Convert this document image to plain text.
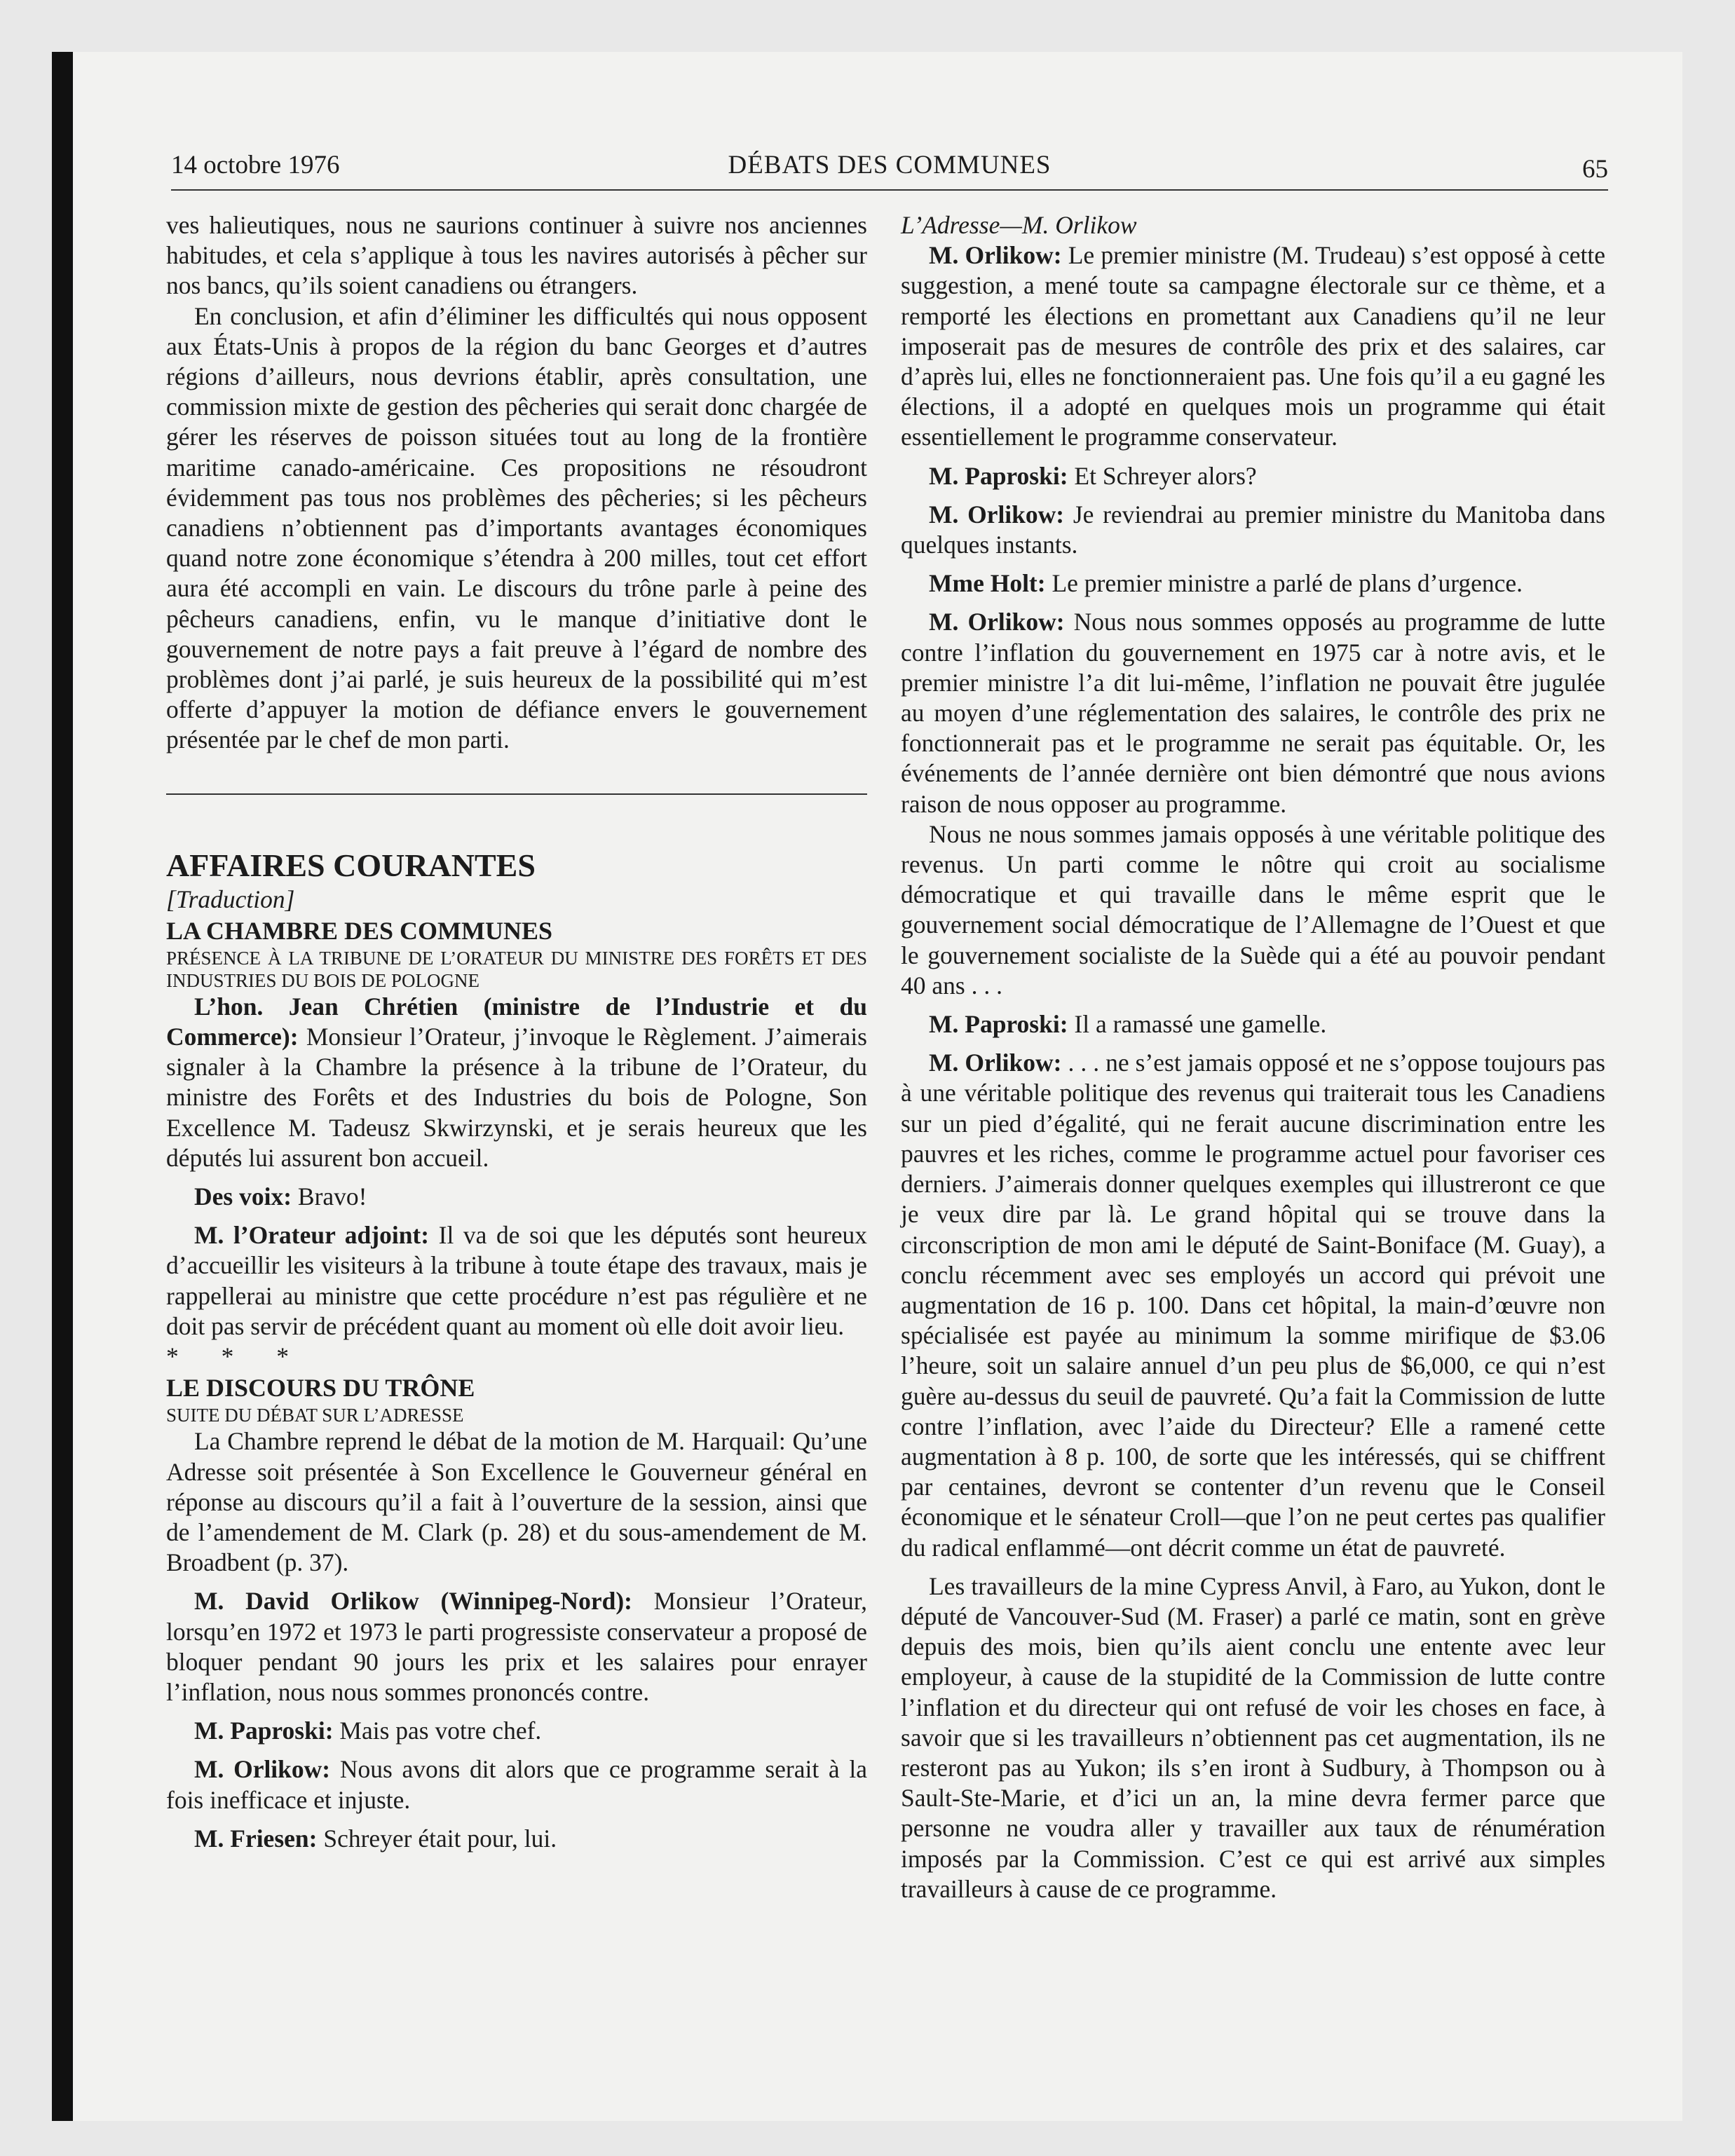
14 octobre 1976	DÉBATS DES COMMUNES	65

ves halieutiques, nous ne saurions continuer à suivre nos anciennes habitudes, et cela s’applique à tous les navires autorisés à pêcher sur nos bancs, qu’ils soient canadiens ou étrangers.

En conclusion, et afin d’éliminer les difficultés qui nous opposent aux États-Unis à propos de la région du banc Georges et d’autres régions d’ailleurs, nous devrions établir, après consultation, une commission mixte de gestion des pêcheries qui serait donc chargée de gérer les réserves de poisson situées tout au long de la frontière maritime canado-américaine. Ces propositions ne résoudront évidemment pas tous nos problèmes des pêcheries; si les pêcheurs canadiens n’obtiennent pas d’importants avantages économiques quand notre zone économique s’étendra à 200 milles, tout cet effort aura été accompli en vain. Le discours du trône parle à peine des pêcheurs canadiens, enfin, vu le manque d’initiative dont le gouvernement de notre pays a fait preuve à l’égard de nombre des problèmes dont j’ai parlé, je suis heureux de la possibilité qui m’est offerte d’appuyer la motion de défiance envers le gouvernement présentée par le chef de mon parti.

AFFAIRES COURANTES

[Traduction]

LA CHAMBRE DES COMMUNES

PRÉSENCE À LA TRIBUNE DE L’ORATEUR DU MINISTRE DES FORÊTS ET DES INDUSTRIES DU BOIS DE POLOGNE

L’hon. Jean Chrétien (ministre de l’Industrie et du Commerce): Monsieur l’Orateur, j’invoque le Règlement. J’aimerais signaler à la Chambre la présence à la tribune de l’Orateur, du ministre des Forêts et des Industries du bois de Pologne, Son Excellence M. Tadeusz Skwirzynski, et je serais heureux que les députés lui assurent bon accueil.

Des voix: Bravo!

M. l’Orateur adjoint: Il va de soi que les députés sont heureux d’accueillir les visiteurs à la tribune à toute étape des travaux, mais je rappellerai au ministre que cette procédure n’est pas régulière et ne doit pas servir de précédent quant au moment où elle doit avoir lieu.

* * *

LE DISCOURS DU TRÔNE

SUITE DU DÉBAT SUR L’ADRESSE

La Chambre reprend le débat de la motion de M. Harquail: Qu’une Adresse soit présentée à Son Excellence le Gouverneur général en réponse au discours qu’il a fait à l’ouverture de la session, ainsi que de l’amendement de M. Clark (p. 28) et du sous-amendement de M. Broadbent (p. 37).

M. David Orlikow (Winnipeg-Nord): Monsieur l’Orateur, lorsqu’en 1972 et 1973 le parti progressiste conservateur a proposé de bloquer pendant 90 jours les prix et les salaires pour enrayer l’inflation, nous nous sommes prononcés contre.

M. Paproski: Mais pas votre chef.

M. Orlikow: Nous avons dit alors que ce programme serait à la fois inefficace et injuste.

M. Friesen: Schreyer était pour, lui.

L’Adresse—M. Orlikow

M. Orlikow: Le premier ministre (M. Trudeau) s’est opposé à cette suggestion, a mené toute sa campagne électorale sur ce thème, et a remporté les élections en promettant aux Canadiens qu’il ne leur imposerait pas de mesures de contrôle des prix et des salaires, car d’après lui, elles ne fonctionneraient pas. Une fois qu’il a eu gagné les élections, il a adopté en quelques mois un programme qui était essentiellement le programme conservateur.

M. Paproski: Et Schreyer alors?

M. Orlikow: Je reviendrai au premier ministre du Manitoba dans quelques instants.

Mme Holt: Le premier ministre a parlé de plans d’urgence.

M. Orlikow: Nous nous sommes opposés au programme de lutte contre l’inflation du gouvernement en 1975 car à notre avis, et le premier ministre l’a dit lui-même, l’inflation ne pouvait être jugulée au moyen d’une réglementation des salaires, le contrôle des prix ne fonctionnerait pas et le programme ne serait pas équitable. Or, les événements de l’année dernière ont bien démontré que nous avions raison de nous opposer au programme.

Nous ne nous sommes jamais opposés à une véritable politique des revenus. Un parti comme le nôtre qui croit au socialisme démocratique et qui travaille dans le même esprit que le gouvernement social démocratique de l’Allemagne de l’Ouest et que le gouvernement socialiste de la Suède qui a été au pouvoir pendant 40 ans . . .

M. Paproski: Il a ramassé une gamelle.

M. Orlikow: . . . ne s’est jamais opposé et ne s’oppose toujours pas à une véritable politique des revenus qui traiterait tous les Canadiens sur un pied d’égalité, qui ne ferait aucune discrimination entre les pauvres et les riches, comme le programme actuel pour favoriser ces derniers. J’aimerais donner quelques exemples qui illustreront ce que je veux dire par là. Le grand hôpital qui se trouve dans la circonscription de mon ami le député de Saint-Boniface (M. Guay), a conclu récemment avec ses employés un accord qui prévoit une augmentation de 16 p. 100. Dans cet hôpital, la main-d’œuvre non spécialisée est payée au minimum la somme mirifique de $3.06 l’heure, soit un salaire annuel d’un peu plus de $6,000, ce qui n’est guère au-dessus du seuil de pauvreté. Qu’a fait la Commission de lutte contre l’inflation, avec l’aide du Directeur? Elle a ramené cette augmentation à 8 p. 100, de sorte que les intéressés, qui se chiffrent par centaines, devront se contenter d’un revenu que le Conseil économique et le sénateur Croll—que l’on ne peut certes pas qualifier du radical enflammé—ont décrit comme un état de pauvreté.

Les travailleurs de la mine Cypress Anvil, à Faro, au Yukon, dont le député de Vancouver-Sud (M. Fraser) a parlé ce matin, sont en grève depuis des mois, bien qu’ils aient conclu une entente avec leur employeur, à cause de la stupidité de la Commission de lutte contre l’inflation et du directeur qui ont refusé de voir les choses en face, à savoir que si les travailleurs n’obtiennent pas cet augmentation, ils ne resteront pas au Yukon; ils s’en iront à Sudbury, à Thompson ou à Sault-Ste-Marie, et d’ici un an, la mine devra fermer parce que personne ne voudra aller y travailler aux taux de rénumération imposés par la Commission. C’est ce qui est arrivé aux simples travailleurs à cause de ce programme.
